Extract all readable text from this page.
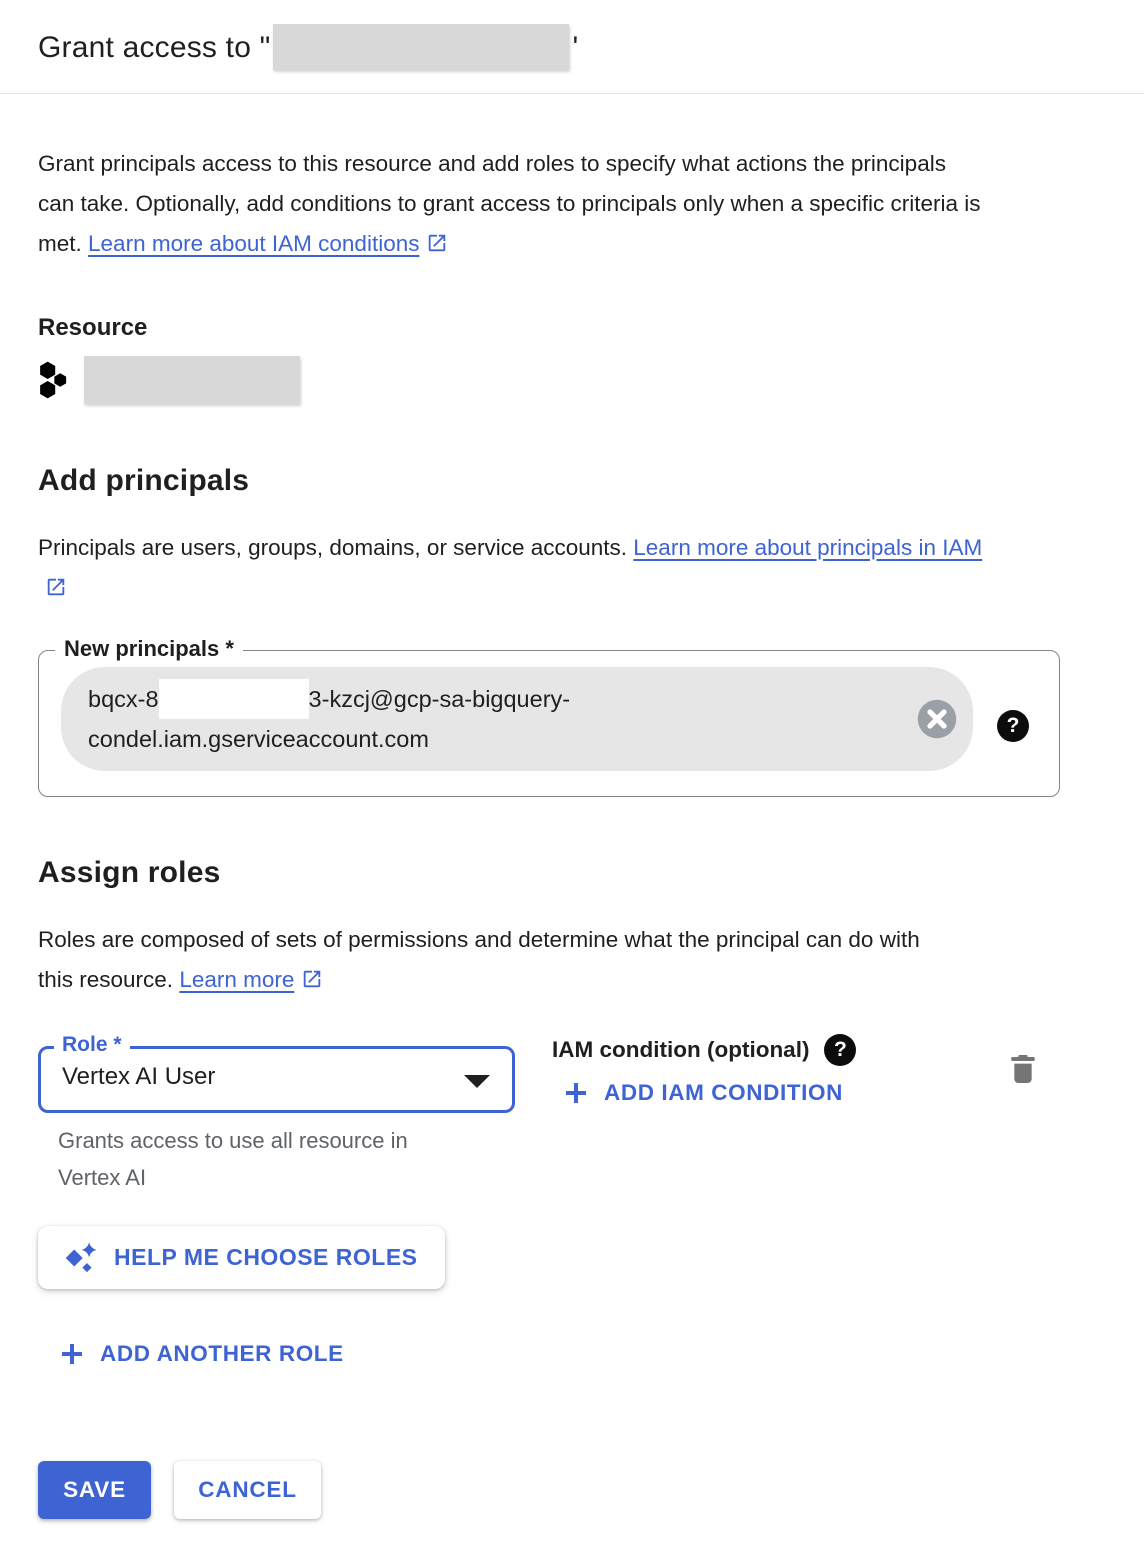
Grant access to "	'
Grant principals access to this resource and add roles to specify what actions the principals can take. Optionally, add conditions to grant access to principals only when a specific criteria is met. Learn more about IAM conditions
Resource
Add principals
Principals are users, groups, domains, or service accounts. Learn more about principals in IAM
New principals *
bqcx-8	3-kzcj@gcp-sa-bigquery-
condel.iam.gserviceaccount.com
?
Assign roles
Roles are composed of sets of permissions and determine what the principal can do with this resource. Learn more
Role *
Vertex AI User
Grants access to use all resource in Vertex AI
IAM condition (optional)	?
ADD IAM CONDITION
HELP ME CHOOSE ROLES
ADD ANOTHER ROLE
SAVE	CANCEL
